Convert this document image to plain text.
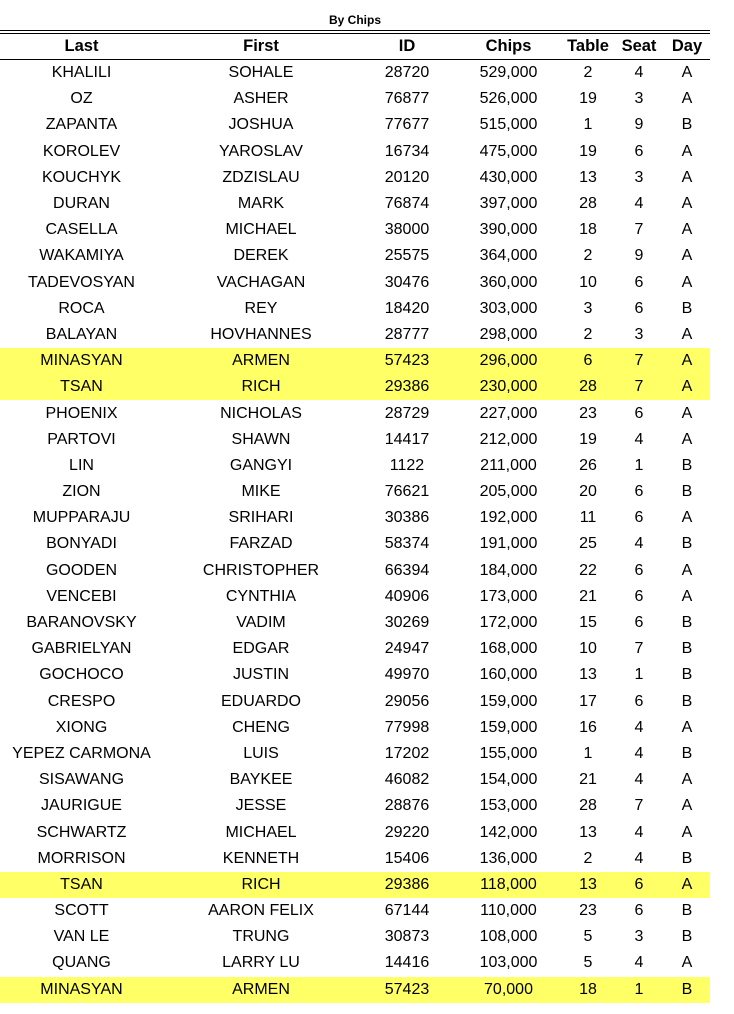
By Chips
Last	First	ID	Chips	Table	Seat	Day
KHALILI	SOHALE	28720	529,000	2	4	A
OZ	ASHER	76877	526,000	19	3	A
ZAPANTA	JOSHUA	77677	515,000	1	9	B
KOROLEV	YAROSLAV	16734	475,000	19	6	A
KOUCHYK	ZDZISLAU	20120	430,000	13	3	A
DURAN	MARK	76874	397,000	28	4	A
CASELLA	MICHAEL	38000	390,000	18	7	A
WAKAMIYA	DEREK	25575	364,000	2	9	A
TADEVOSYAN	VACHAGAN	30476	360,000	10	6	A
ROCA	REY	18420	303,000	3	6	B
BALAYAN	HOVHANNES	28777	298,000	2	3	A
MINASYAN	ARMEN	57423	296,000	6	7	A
TSAN	RICH	29386	230,000	28	7	A
PHOENIX	NICHOLAS	28729	227,000	23	6	A
PARTOVI	SHAWN	14417	212,000	19	4	A
LIN	GANGYI	1122	211,000	26	1	B
ZION	MIKE	76621	205,000	20	6	B
MUPPARAJU	SRIHARI	30386	192,000	11	6	A
BONYADI	FARZAD	58374	191,000	25	4	B
GOODEN	CHRISTOPHER	66394	184,000	22	6	A
VENCEBI	CYNTHIA	40906	173,000	21	6	A
BARANOVSKY	VADIM	30269	172,000	15	6	B
GABRIELYAN	EDGAR	24947	168,000	10	7	B
GOCHOCO	JUSTIN	49970	160,000	13	1	B
CRESPO	EDUARDO	29056	159,000	17	6	B
XIONG	CHENG	77998	159,000	16	4	A
YEPEZ CARMONA	LUIS	17202	155,000	1	4	B
SISAWANG	BAYKEE	46082	154,000	21	4	A
JAURIGUE	JESSE	28876	153,000	28	7	A
SCHWARTZ	MICHAEL	29220	142,000	13	4	A
MORRISON	KENNETH	15406	136,000	2	4	B
TSAN	RICH	29386	118,000	13	6	A
SCOTT	AARON FELIX	67144	110,000	23	6	B
VAN LE	TRUNG	30873	108,000	5	3	B
QUANG	LARRY LU	14416	103,000	5	4	A
MINASYAN	ARMEN	57423	70,000	18	1	B
